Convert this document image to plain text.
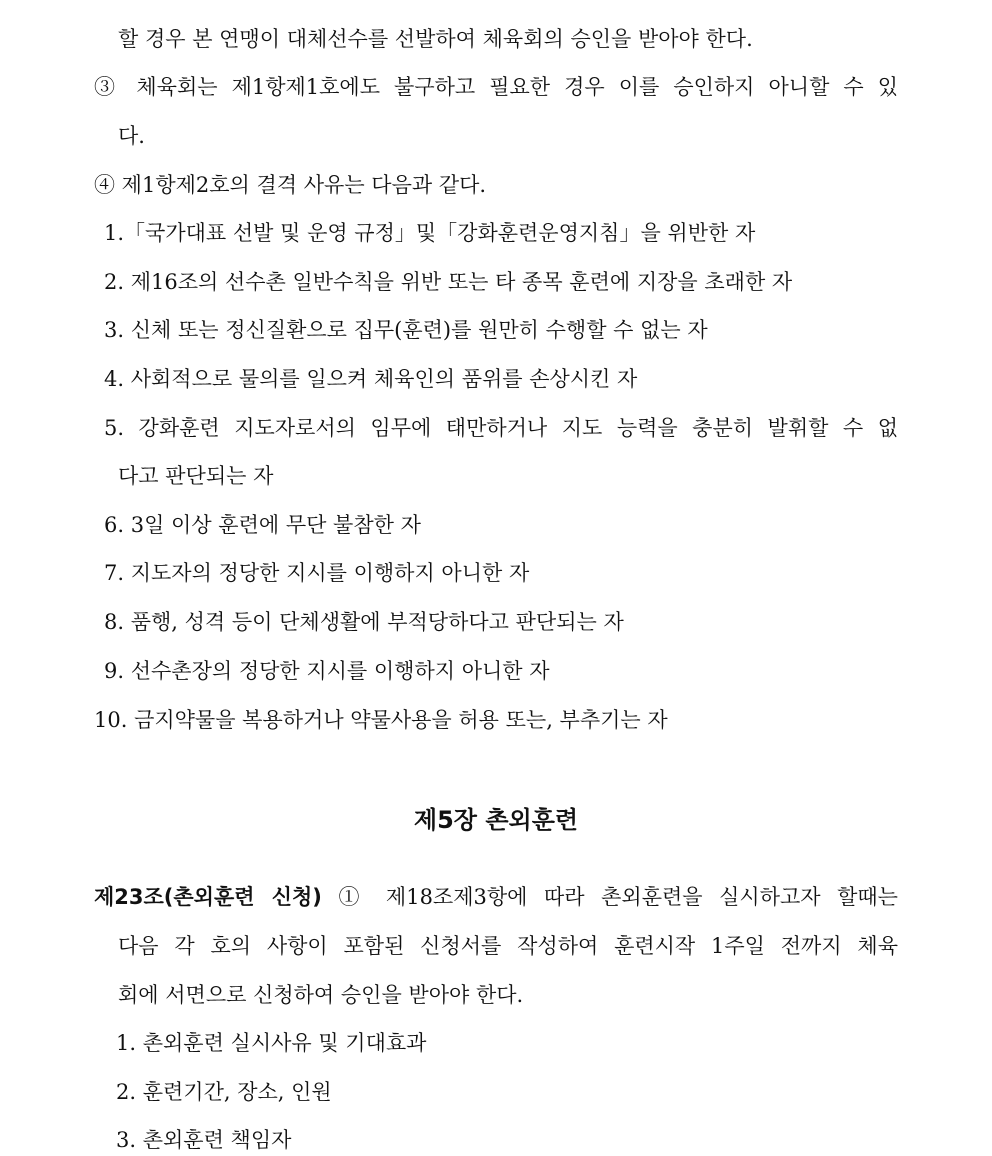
할 경우 본 연맹이 대체선수를 선발하여 체육회의 승인을 받아야 한다.
③ 체육회는 제1항제1호에도 불구하고 필요한 경우 이를 승인하지 아니할 수 있
다.
④ 제1항제2호의 결격 사유는 다음과 같다.
1.「국가대표 선발 및 운영 규정」및「강화훈련운영지침」을 위반한 자
2. 제16조의 선수촌 일반수칙을 위반 또는 타 종목 훈련에 지장을 초래한 자
3. 신체 또는 정신질환으로 집무(훈련)를 원만히 수행할 수 없는 자
4. 사회적으로 물의를 일으켜 체육인의 품위를 손상시킨 자
5. 강화훈련 지도자로서의 임무에 태만하거나 지도 능력을 충분히 발휘할 수 없
다고 판단되는 자
6. 3일 이상 훈련에 무단 불참한 자
7. 지도자의 정당한 지시를 이행하지 아니한 자
8. 품행, 성격 등이 단체생활에 부적당하다고 판단되는 자
9. 선수촌장의 정당한 지시를 이행하지 아니한 자
10. 금지약물을 복용하거나 약물사용을 허용 또는, 부추기는 자
제5장 촌외훈련
제23조(촌외훈련 신청) ① 제18조제3항에 따라 촌외훈련을 실시하고자 할때는
다음 각 호의 사항이 포함된 신청서를 작성하여 훈련시작 1주일 전까지 체육
회에 서면으로 신청하여 승인을 받아야 한다.
1. 촌외훈련 실시사유 및 기대효과
2. 훈련기간, 장소, 인원
3. 촌외훈련 책임자
